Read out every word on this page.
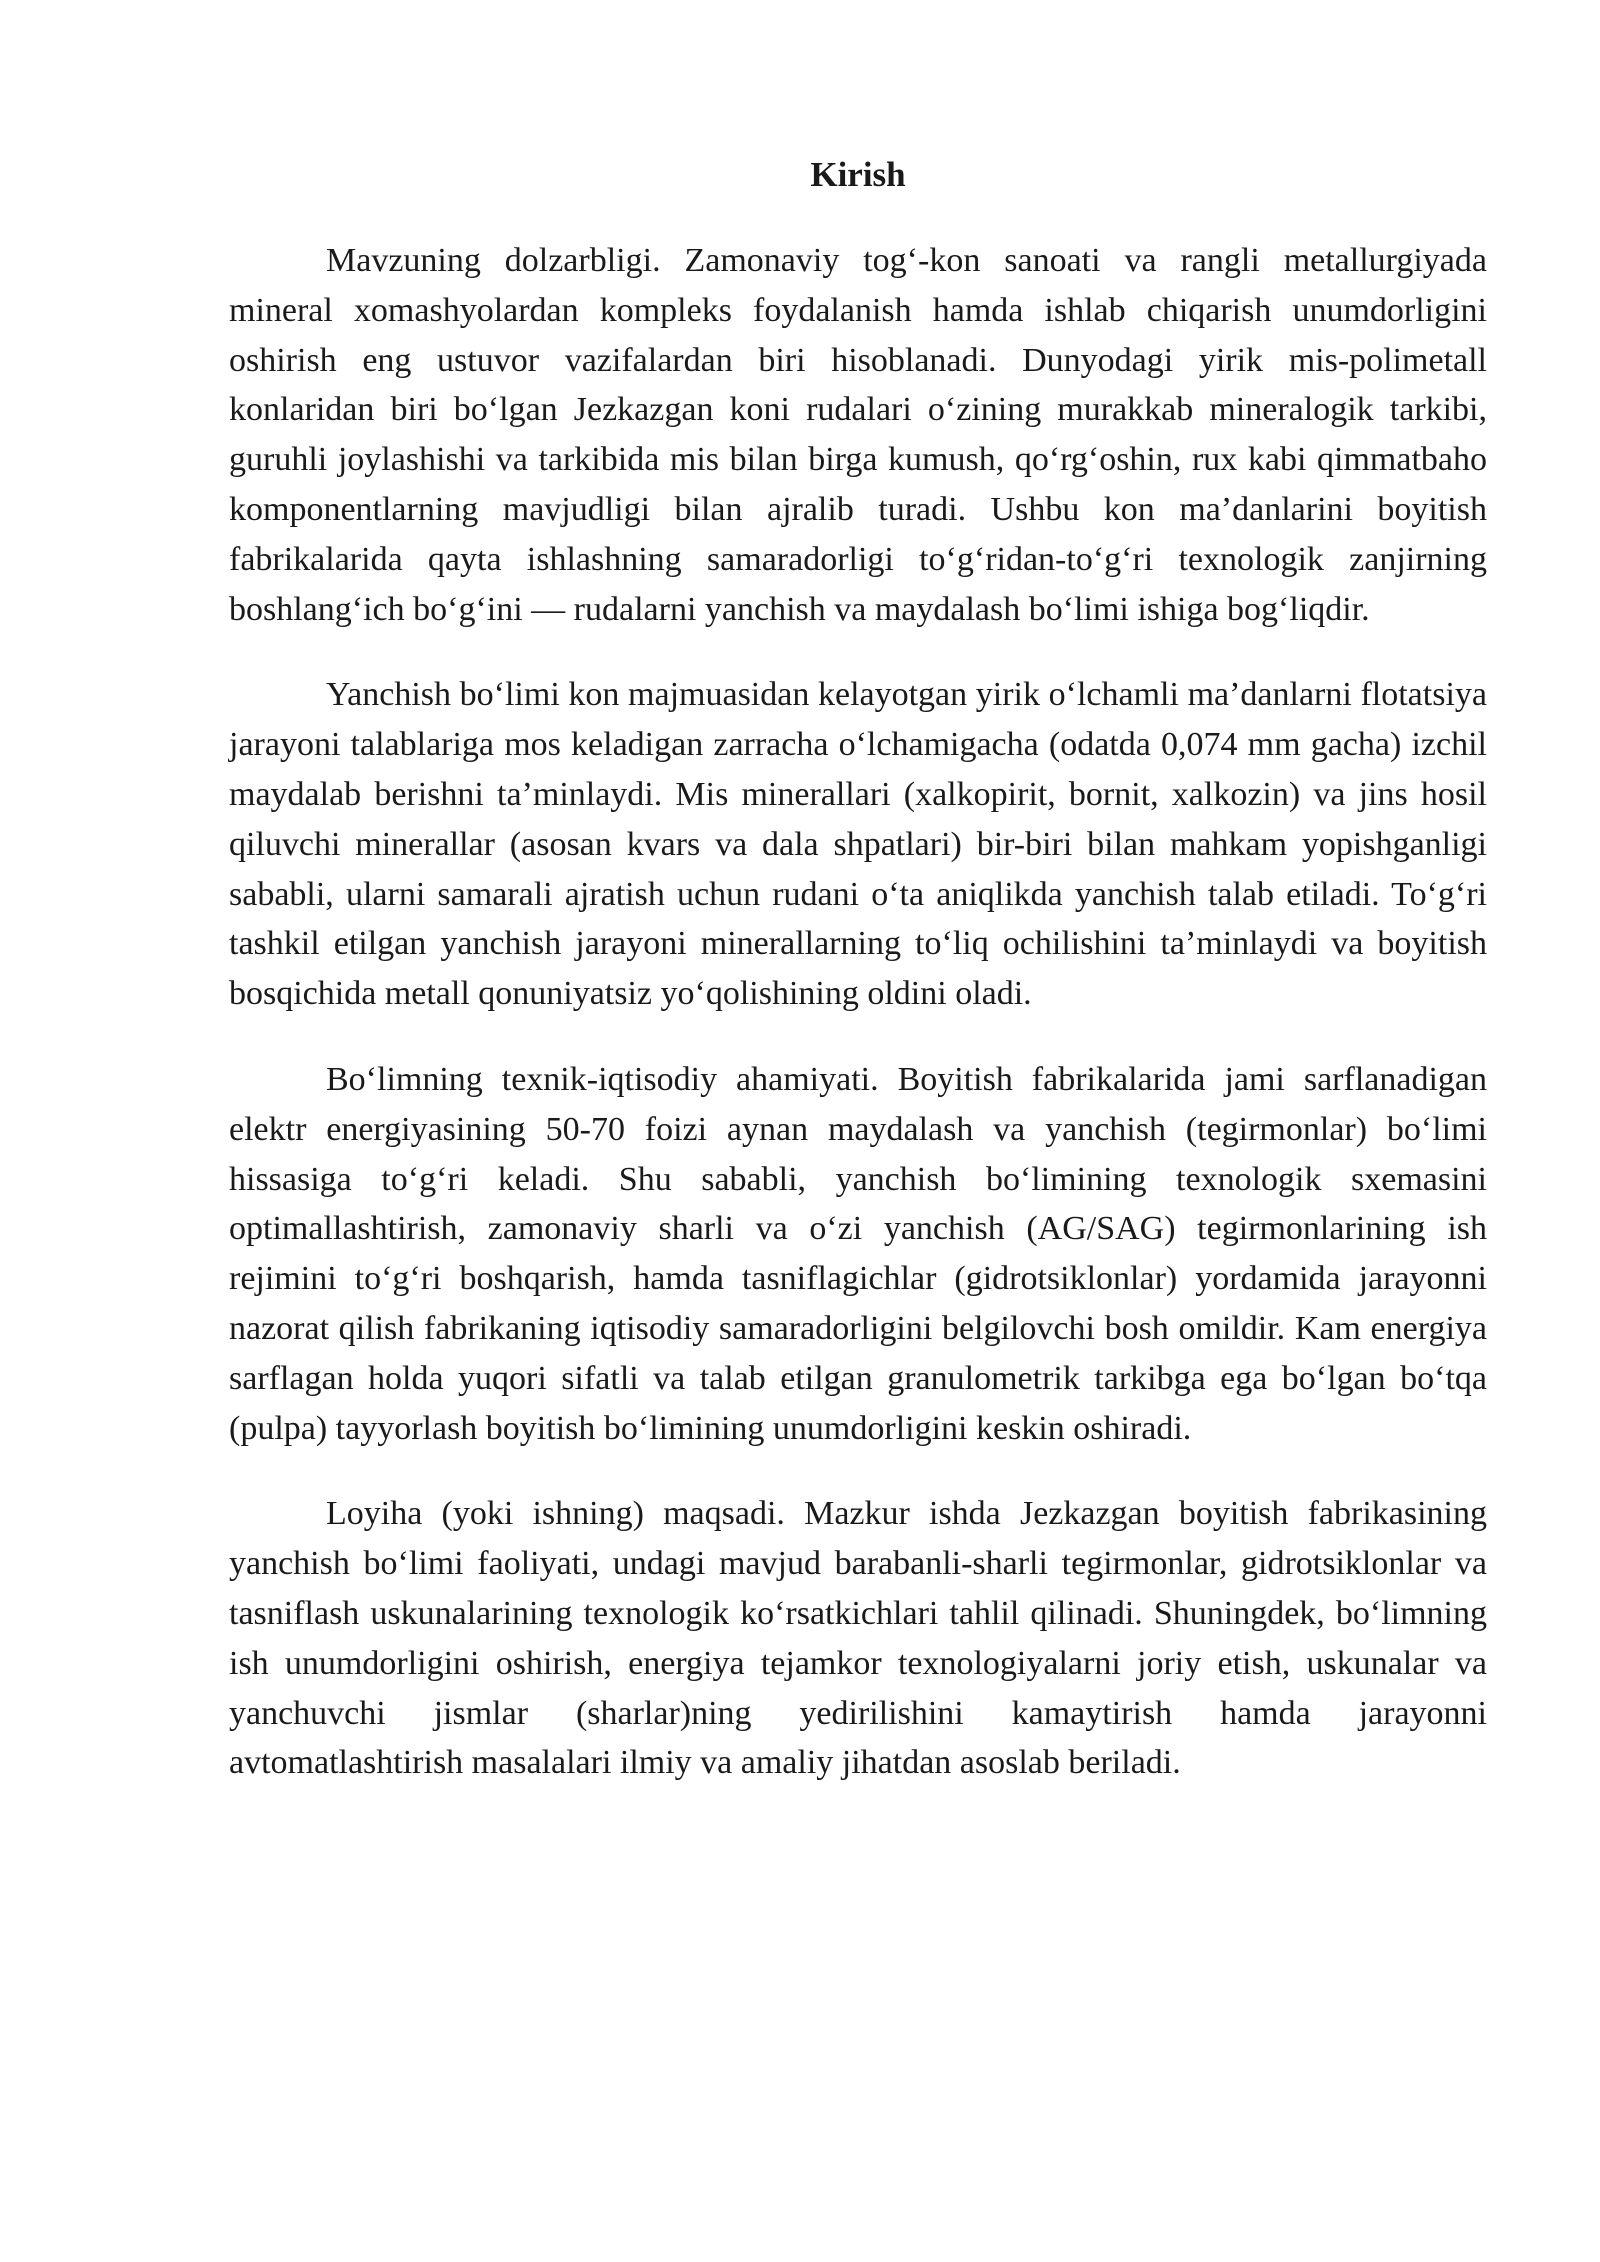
Kirish

Mavzuning dolzarbligi. Zamonaviy tog‘-kon sanoati va rangli metallurgiyada mineral xomashyolardan kompleks foydalanish hamda ishlab chiqarish unumdorligini oshirish eng ustuvor vazifalardan biri hisoblanadi. Dunyodagi yirik mis-polimetall konlaridan biri bo‘lgan Jezkazgan koni rudalari o‘zining murakkab mineralogik tarkibi, guruhli joylashishi va tarkibida mis bilan birga kumush, qo‘rg‘oshin, rux kabi qimmatbaho komponentlarning mavjudligi bilan ajralib turadi. Ushbu kon ma’danlarini boyitish fabrikalarida qayta ishlashning samaradorligi to‘g‘ridan-to‘g‘ri texnologik zanjirning boshlang‘ich bo‘g‘ini — rudalarni yanchish va maydalash bo‘limi ishiga bog‘liqdir.

Yanchish bo‘limi kon majmuasidan kelayotgan yirik o‘lchamli ma’danlarni flotatsiya jarayoni talablariga mos keladigan zarracha o‘lchamigacha (odatda 0,074 mm gacha) izchil maydalab berishni ta’minlaydi. Mis minerallari (xalkopirit, bornit, xalkozin) va jins hosil qiluvchi minerallar (asosan kvars va dala shpatlari) bir-biri bilan mahkam yopishganligi sababli, ularni samarali ajratish uchun rudani o‘ta aniqlikda yanchish talab etiladi. To‘g‘ri tashkil etilgan yanchish jarayoni minerallarning to‘liq ochilishini ta’minlaydi va boyitish bosqichida metall qonuniyatsiz yo‘qolishining oldini oladi.

Bo‘limning texnik-iqtisodiy ahamiyati. Boyitish fabrikalarida jami sarflanadigan elektr energiyasining 50-70 foizi aynan maydalash va yanchish (tegirmonlar) bo‘limi hissasiga to‘g‘ri keladi. Shu sababli, yanchish bo‘limining texnologik sxemasini optimallashtirish, zamonaviy sharli va o‘zi yanchish (AG/SAG) tegirmonlarining ish rejimini to‘g‘ri boshqarish, hamda tasniflagichlar (gidrotsiklonlar) yordamida jarayonni nazorat qilish fabrikaning iqtisodiy samaradorligini belgilovchi bosh omildir. Kam energiya sarflagan holda yuqori sifatli va talab etilgan granulometrik tarkibga ega bo‘lgan bo‘tqa (pulpa) tayyorlash boyitish bo‘limining unumdorligini keskin oshiradi.

Loyiha (yoki ishning) maqsadi. Mazkur ishda Jezkazgan boyitish fabrikasining yanchish bo‘limi faoliyati, undagi mavjud barabanli-sharli tegirmonlar, gidrotsiklonlar va tasniflash uskunalarining texnologik ko‘rsatkichlari tahlil qilinadi. Shuningdek, bo‘limning ish unumdorligini oshirish, energiya tejamkor texnologiyalarni joriy etish, uskunalar va yanchuvchi jismlar (sharlar)ning yedirilishini kamaytirish hamda jarayonni avtomatlashtirish masalalari ilmiy va amaliy jihatdan asoslab beriladi.
